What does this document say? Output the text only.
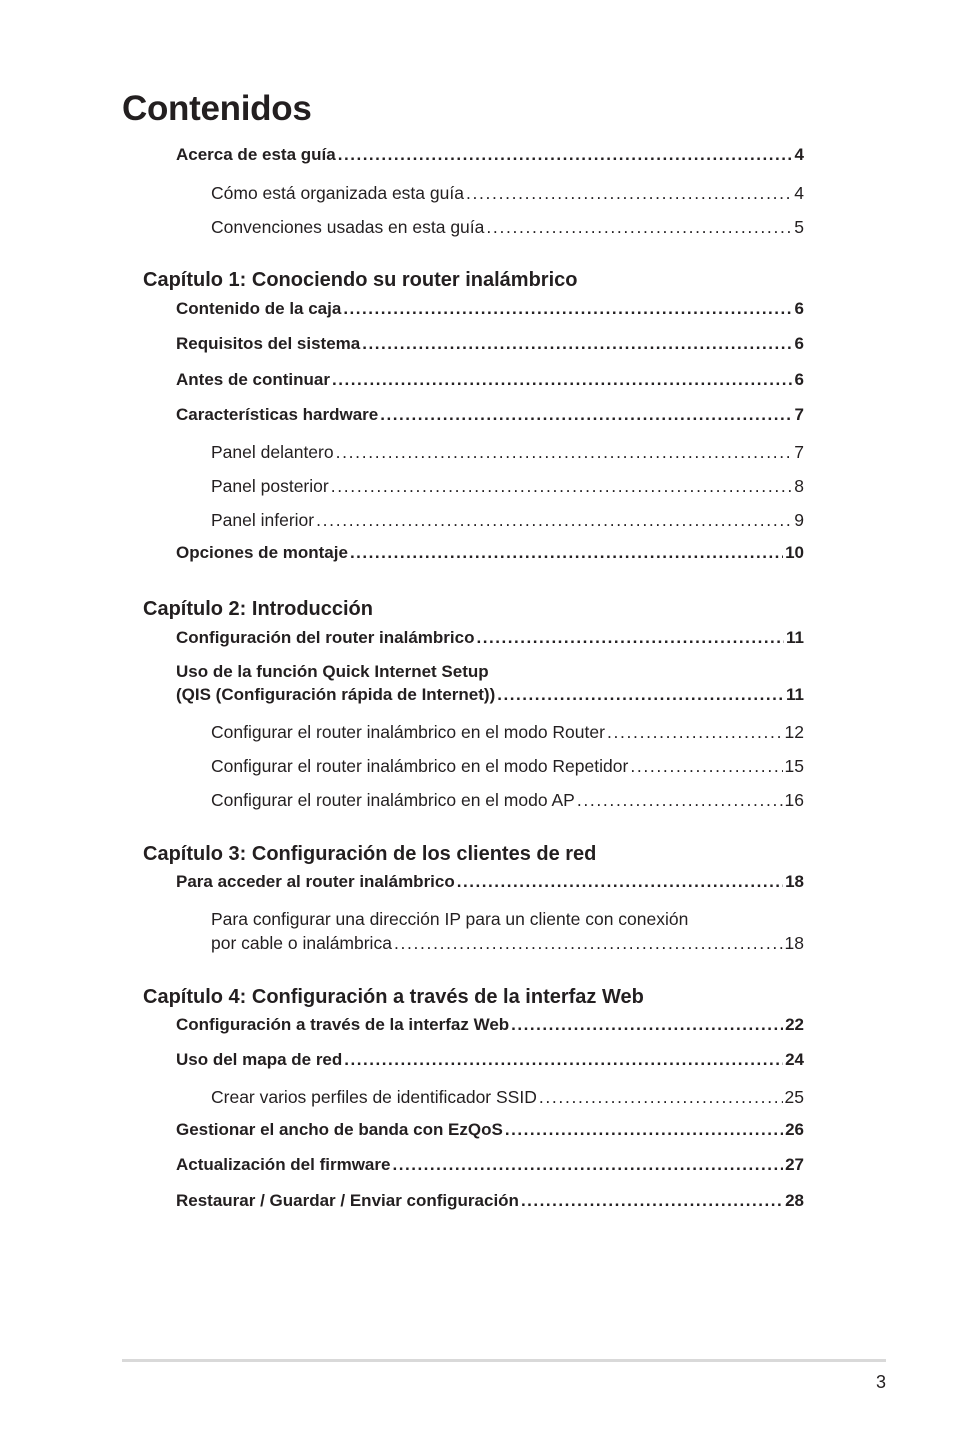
Contenidos
Acerca de esta guía . . .	4
Cómo está organizada esta guía . . .	4
Convenciones usadas en esta guía . . .	5
Capítulo 1: Conociendo su router inalámbrico
Contenido de la caja . . .	6
Requisitos del sistema . . .	6
Antes de continuar . . .	6
Características hardware . . .	7
Panel delantero . . .	7
Panel posterior . . .	8
Panel inferior . . .	9
Opciones de montaje . . .	10
Capítulo 2: Introducción
Configuración del router inalámbrico . . .	11
Uso de la función Quick Internet Setup
(QIS (Configuración rápida de Internet)) . . .	11
Configurar el router inalámbrico en el modo Router . . .	12
Configurar el router inalámbrico en el modo Repetidor . . .	15
Configurar el router inalámbrico en el modo AP . . .	16
Capítulo 3: Configuración de los clientes de red
Para acceder al router inalámbrico . . .	18
Para configurar una dirección IP para un cliente con conexión
por cable o inalámbrica . . .	18
Capítulo 4: Configuración a través de la interfaz Web
Configuración a través de la interfaz Web . . .	22
Uso del mapa de red . . .	24
Crear varios perfiles de identificador SSID . . .	25
Gestionar el ancho de banda con EzQoS . . .	26
Actualización del firmware . . .	27
Restaurar / Guardar / Enviar configuración . . .	28
3
